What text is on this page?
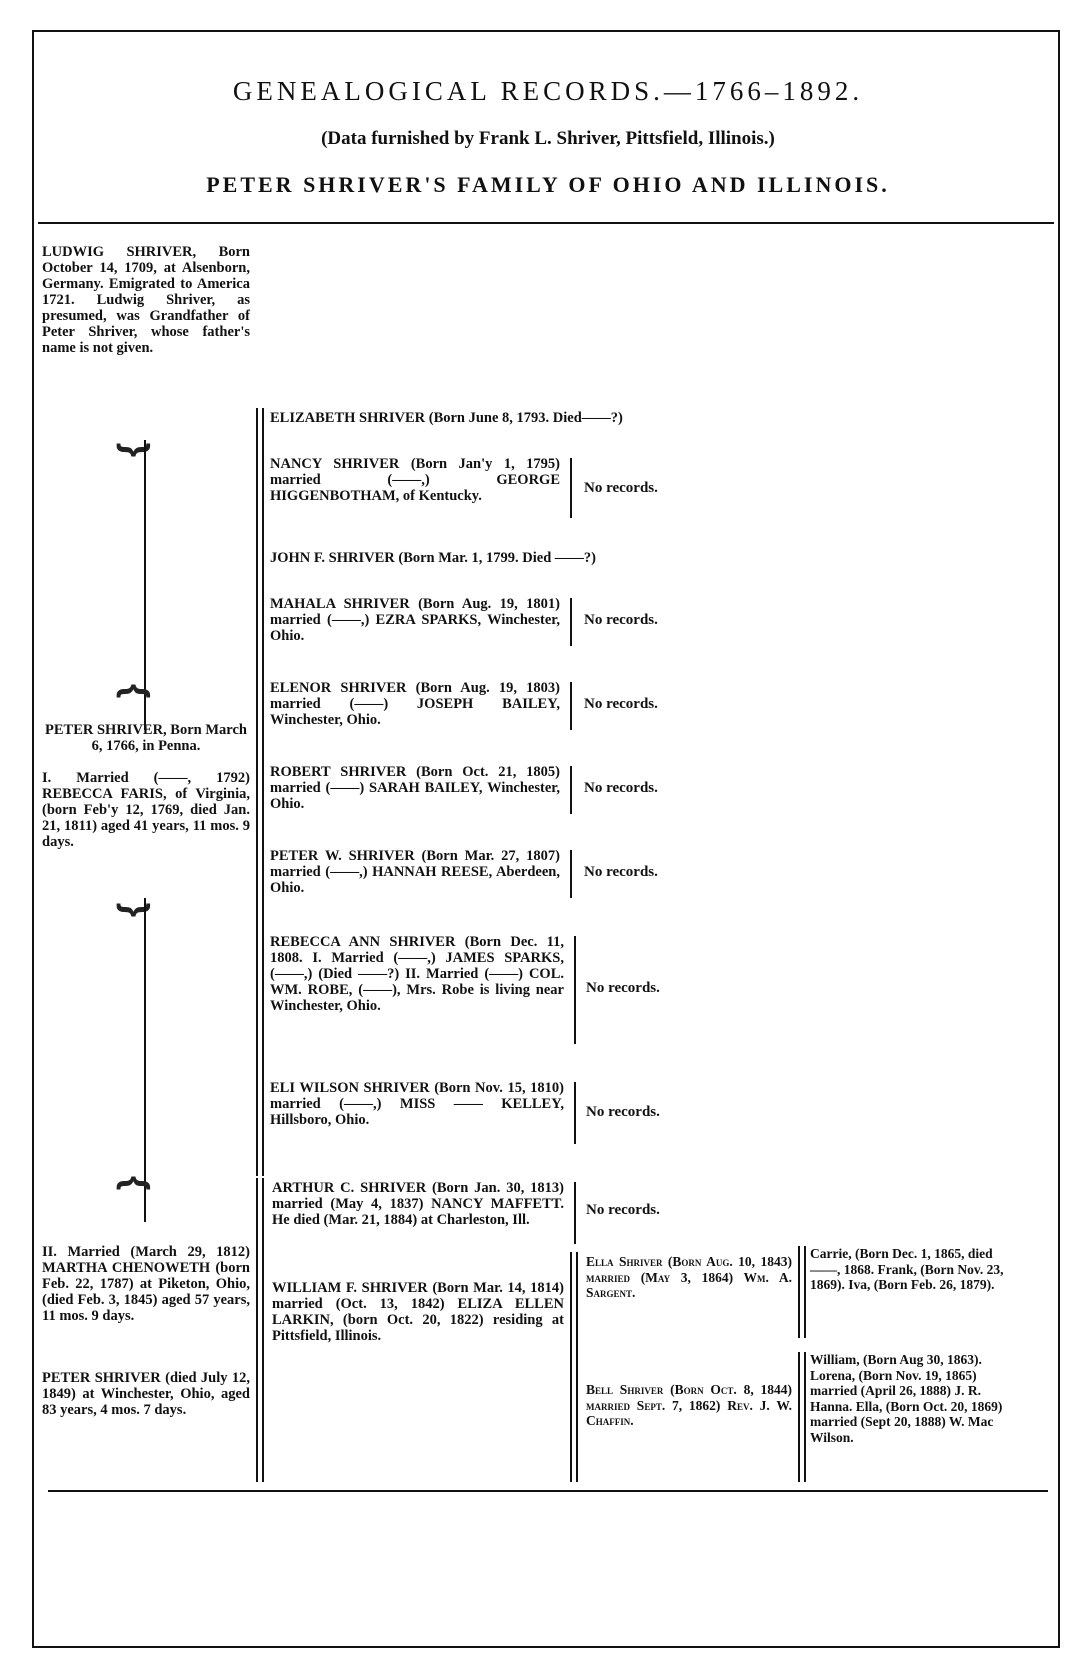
GENEALOGICAL RECORDS.—1766–1892.
(Data furnished by Frank L. Shriver, Pittsfield, Illinois.)
PETER SHRIVER'S FAMILY OF OHIO AND ILLINOIS.
LUDWIG SHRIVER, Born October 14, 1709, at Alsenborn, Germany. Emigrated to America 1721. Ludwig Shriver, as presumed, was Grandfather of Peter Shriver, whose father's name is not given.
⏟
⏞
PETER SHRIVER, Born March 6, 1766, in Penna.
I. Married (——, 1792) REBECCA FARIS, of Virginia, (born Feb'y 12, 1769, died Jan. 21, 1811) aged 41 years, 11 mos. 9 days.
⏟
⏞
II. Married (March 29, 1812) MARTHA CHENOWETH (born Feb. 22, 1787) at Piketon, Ohio, (died Feb. 3, 1845) aged 57 years, 11 mos. 9 days.
PETER SHRIVER (died July 12, 1849) at Winchester, Ohio, aged 83 years, 4 mos. 7 days.
ELIZABETH SHRIVER (Born June 8, 1793. Died——?)
NANCY SHRIVER (Born Jan'y 1, 1795) married (——,) GEORGE HIGGENBOTHAM, of Kentucky.	No records.
JOHN F. SHRIVER (Born Mar. 1, 1799. Died ——?)
MAHALA SHRIVER (Born Aug. 19, 1801) married (——,) EZRA SPARKS, Winchester, Ohio.
No records.
ELENOR SHRIVER (Born Aug. 19, 1803) married (——) JOSEPH BAILEY, Winchester, Ohio.
No records.
ROBERT SHRIVER (Born Oct. 21, 1805) married (——) SARAH BAILEY, Winchester, Ohio.
No records.
PETER W. SHRIVER (Born Mar. 27, 1807) married (——,) HANNAH REESE, Aberdeen, Ohio.
No records.
REBECCA ANN SHRIVER (Born Dec. 11, 1808. I. Married (——,) JAMES SPARKS, (——,) (Died ——?) II. Married (——) COL. WM. ROBE, (——), Mrs. Robe is living near Winchester, Ohio.
No records.
ELI WILSON SHRIVER (Born Nov. 15, 1810) married (——,) MISS —— KELLEY, Hillsboro, Ohio.	No records.
ARTHUR C. SHRIVER (Born Jan. 30, 1813) married (May 4, 1837) NANCY MAFFETT. He died (Mar. 21, 1884) at Charleston, Ill.
No records.
WILLIAM F. SHRIVER (Born Mar. 14, 1814) married (Oct. 13, 1842) ELIZA ELLEN LARKIN, (born Oct. 20, 1822) residing at Pittsfield, Illinois.
Ella Shriver (Born Aug. 10, 1843) married (May 3, 1864) Wm. A. Sargent.
Bell Shriver (Born Oct. 8, 1844) married Sept. 7, 1862) Rev. J. W. Chaffin.
Carrie, (Born Dec. 1, 1865, died——, 1868. Frank, (Born Nov. 23, 1869). Iva, (Born Feb. 26, 1879).
William, (Born Aug 30, 1863). Lorena, (Born Nov. 19, 1865) married (April 26, 1888) J. R. Hanna. Ella, (Born Oct. 20, 1869) married (Sept 20, 1888) W. Mac Wilson.
